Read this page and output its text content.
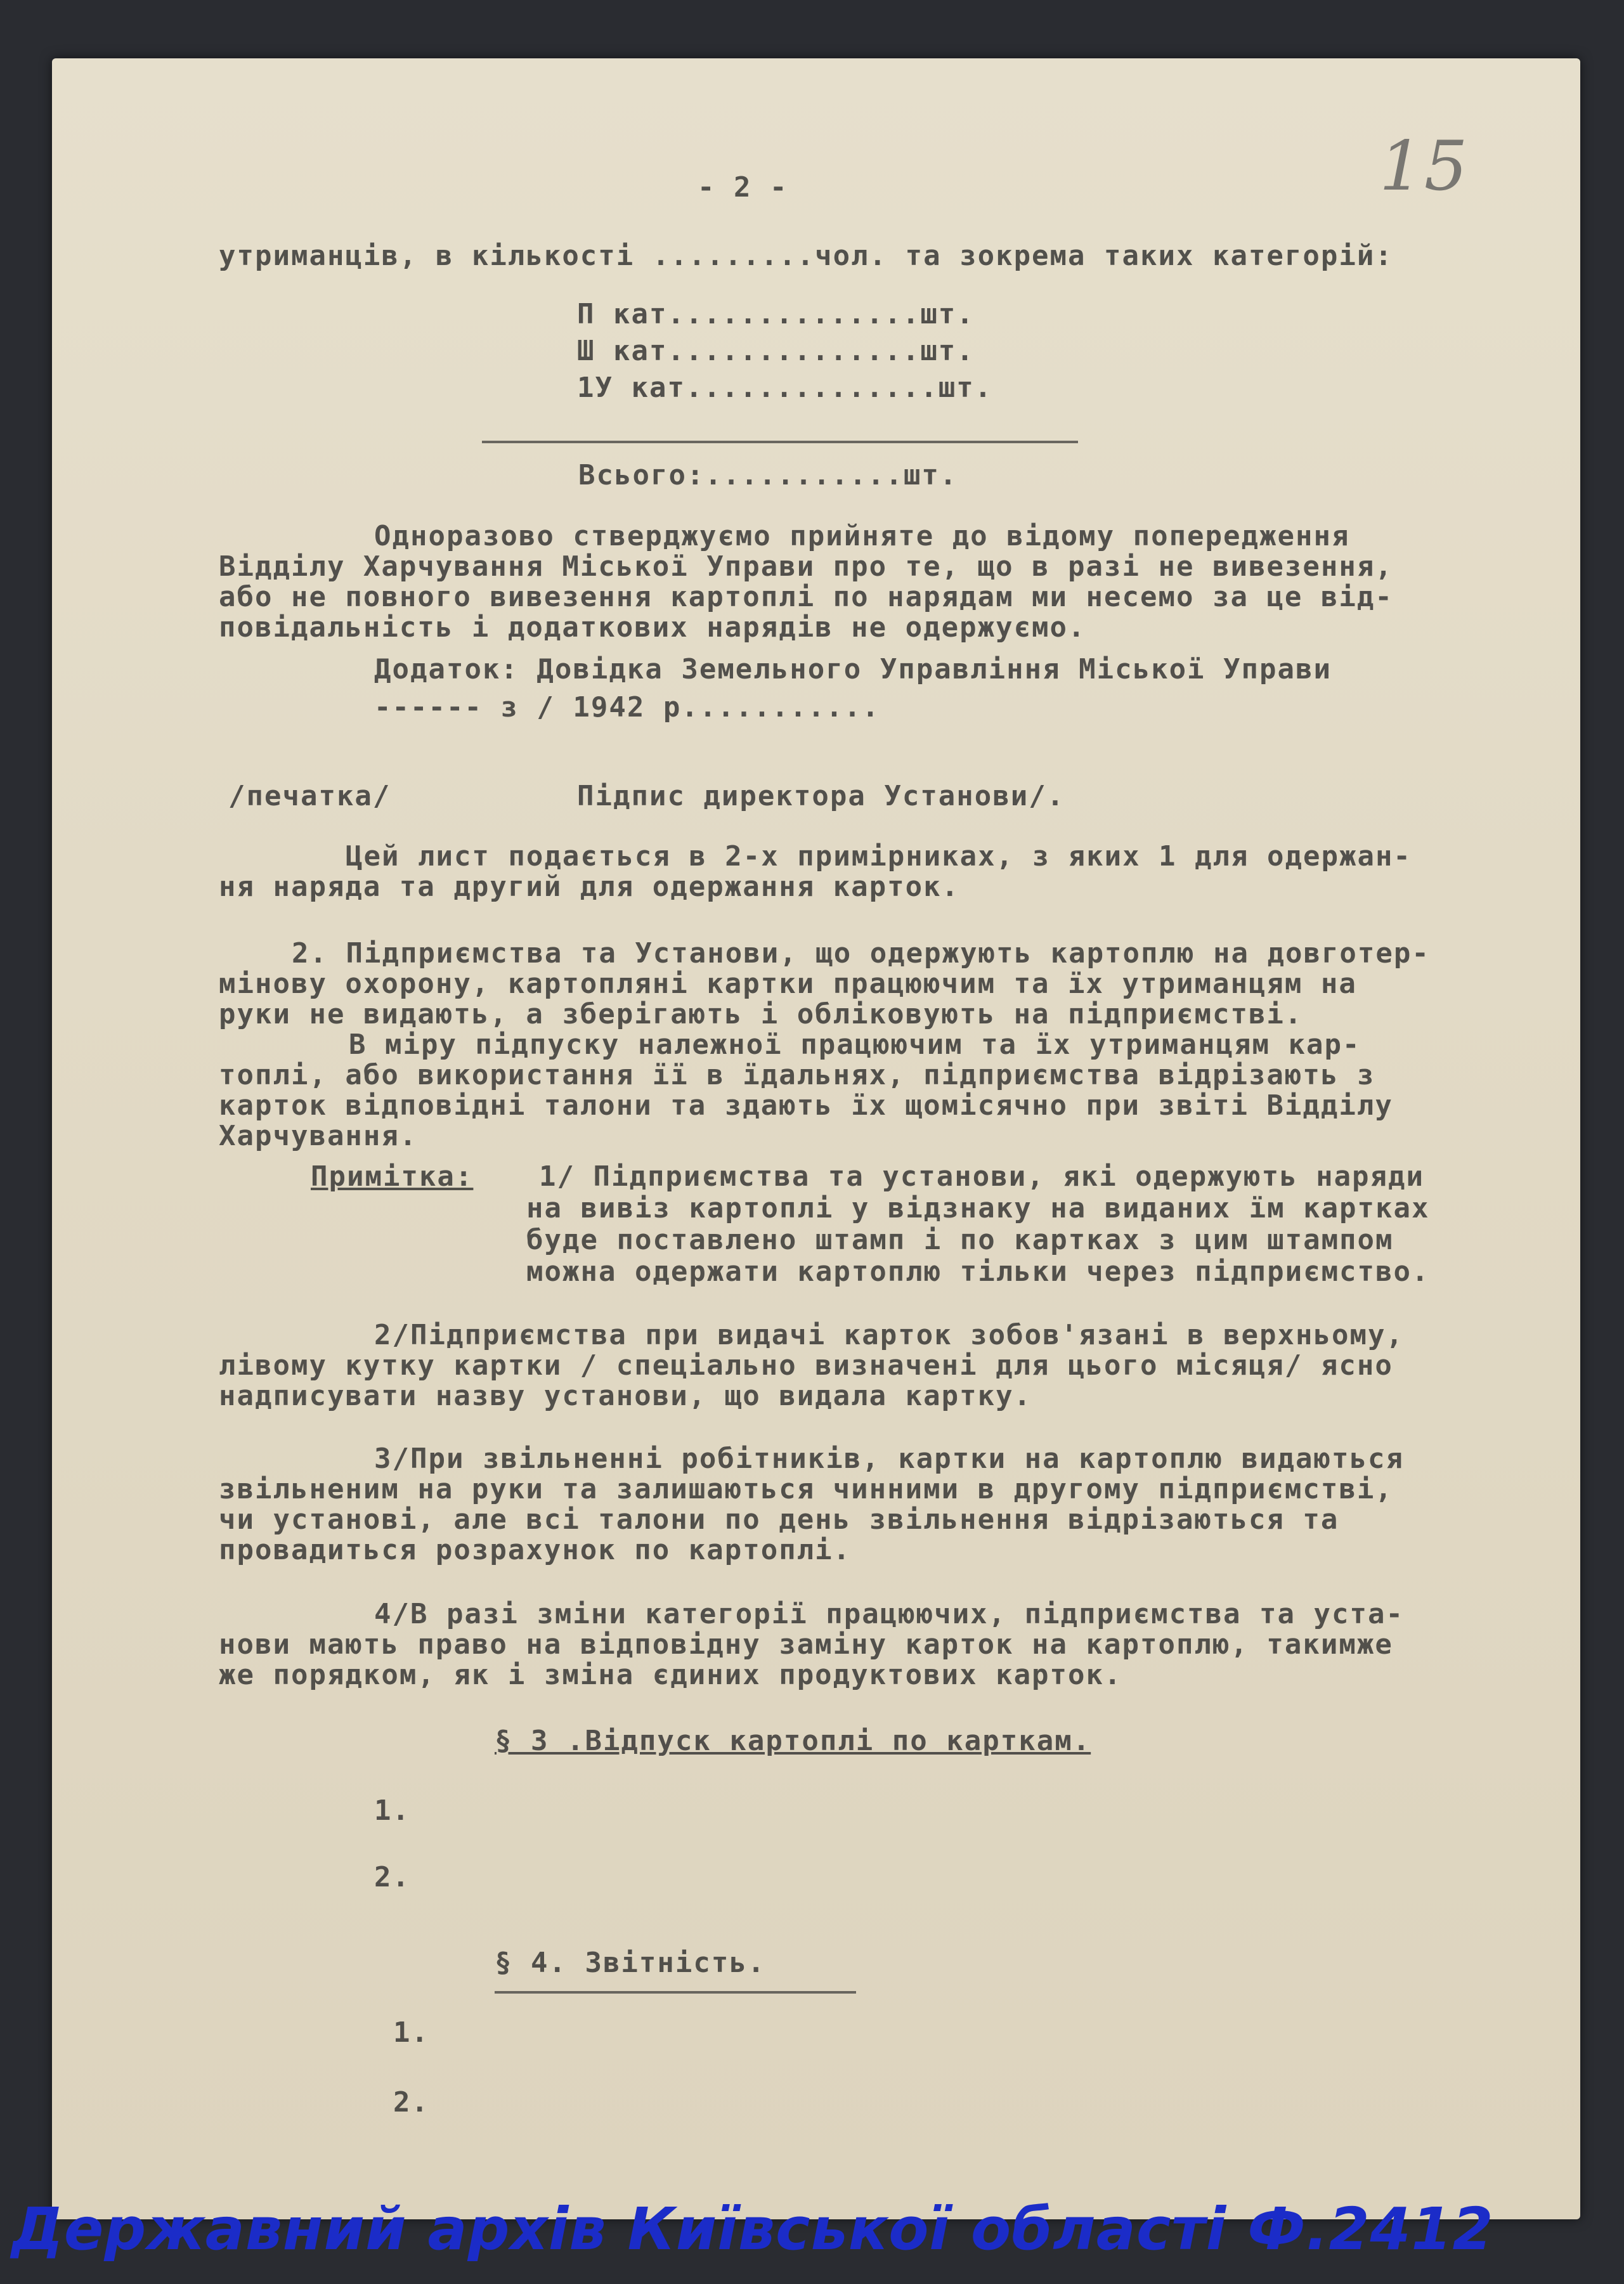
15
- 2 -
утриманців, в кількості .........чол. та зокрема таких категорій:
П кат..............шт.
Ш кат..............шт.
1У кат..............шт.
Всього:...........шт.
Одноразово стверджуємо прийняте до відому попередження
Відділу Харчування Міської Управи про те, що в разі не вивезення,
або не повного вивезення картоплі по нарядам ми несемо за це від-
повідальність і додаткових нарядів не одержуємо.
Додаток: Довідка Земельного Управління Міської Управи
------ з / 1942 р...........
/печатка/	Підпис директора Установи/.
Цей лист подається в 2-х примірниках, з яких 1 для одержан-
ня наряда та другий для одержання карток.
2. Підприємства та Установи, що одержують картоплю на довготер-
мінову охорону, картопляні картки працюючим та їх утриманцям на
руки не видають, а зберігають і обліковують на підприємстві.
В міру підпуску належної працюючим та їх утриманцям кар-
топлі, або використання її в їдальнях, підприємства відрізають з
карток відповідні талони та здають їх щомісячно при звіті Відділу
Харчування.
Примітка: 1/ Підприємства та установи, які одержують наряди
на вивіз картоплі у відзнаку на виданих їм картках
буде поставлено штамп і по картках з цим штампом
можна одержати картоплю тільки через підприємство.
2/Підприємства при видачі карток зобов'язані в верхньому,
лівому кутку картки / спеціально визначені для цього місяця/ ясно
надписувати назву установи, що видала картку.
3/При звільненні робітників, картки на картоплю видаються
звільненим на руки та залишаються чинними в другому підприємстві,
чи установі, але всі талони по день звільнення відрізаються та
провадиться розрахунок по картоплі.
4/В разі зміни категорії працюючих, підприємства та уста-
нови мають право на відповідну заміну карток на картоплю, такимже
же порядком, як і зміна єдиних продуктових карток.
§ 3 .Відпуск картоплі по карткам.
1.
2.
§ 4. Звітність.
1.
2.
Державний архів Київської області Ф.2412
